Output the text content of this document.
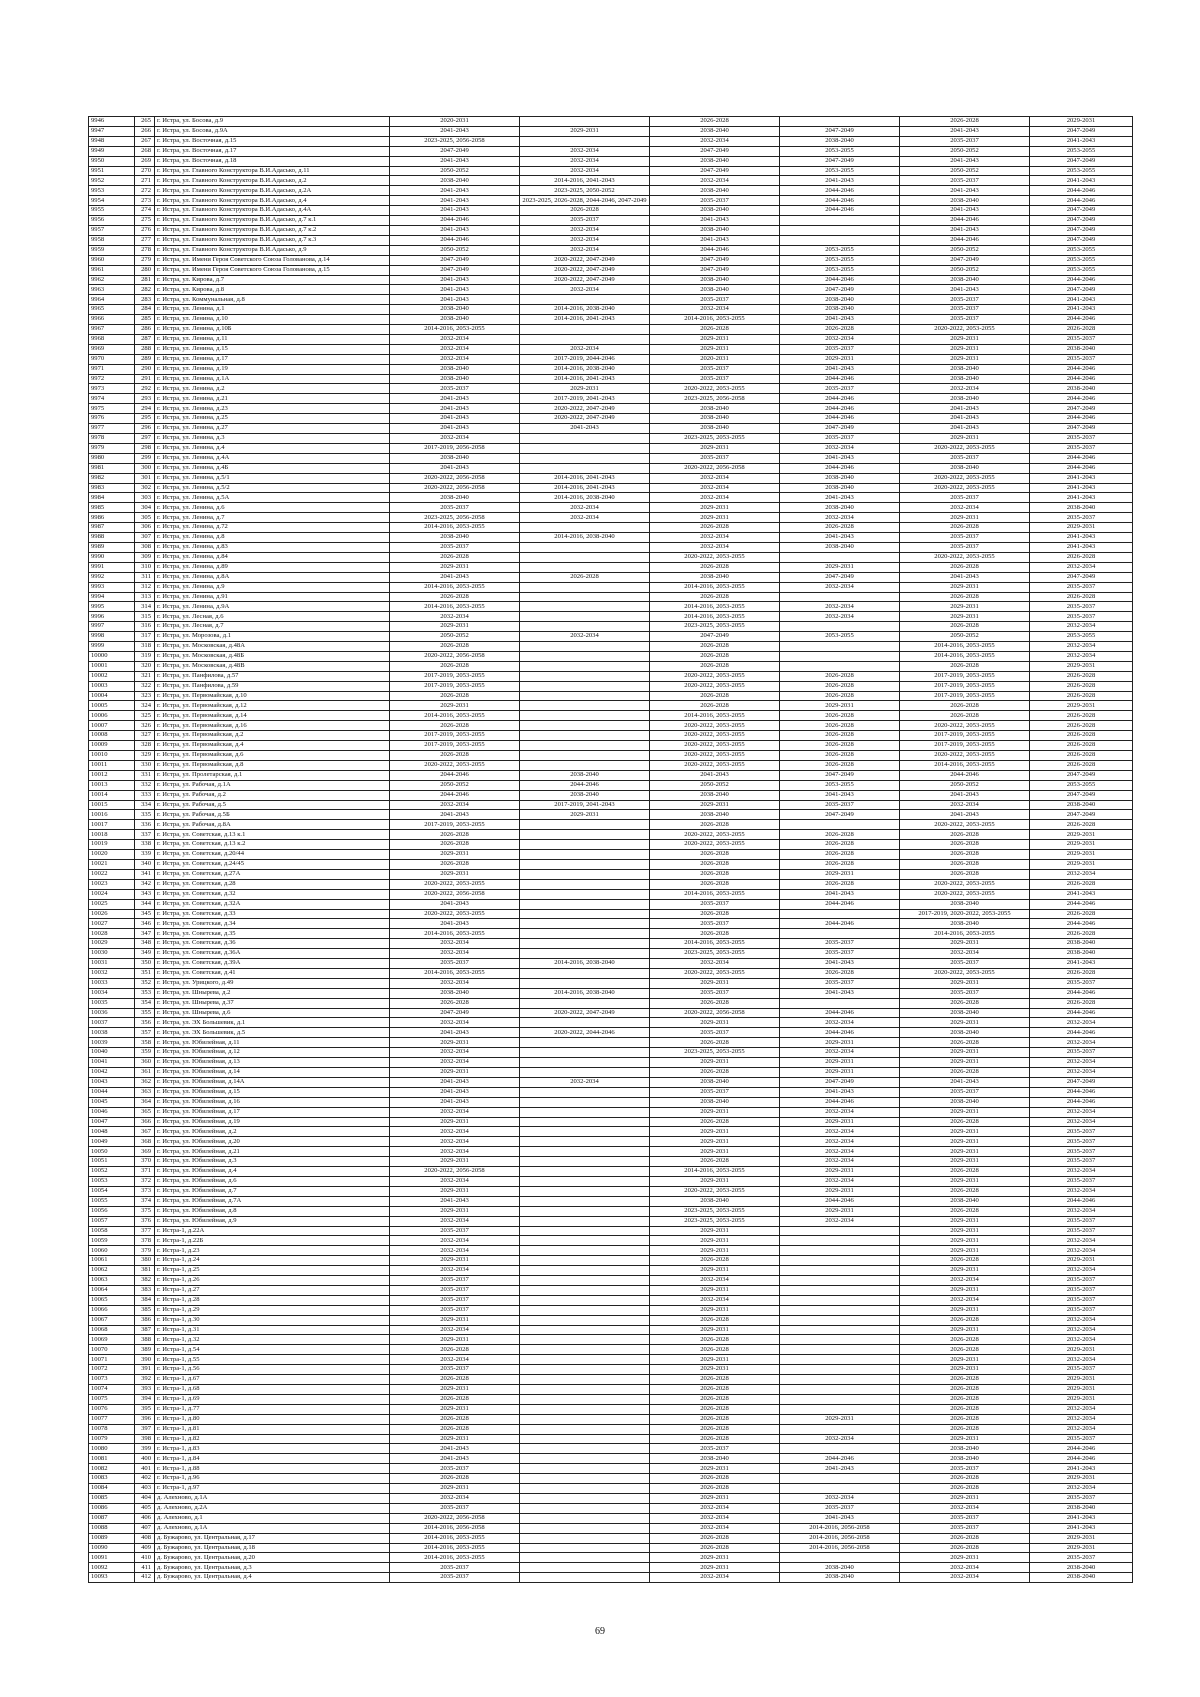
9946	265	г. Истра, ул. Босова, д.9	2020-2031		2026-2028		2026-2028	2029-2031
9947	266	г. Истра, ул. Босова, д.9А	2041-2043	2029-2031	2038-2040	2047-2049	2041-2043	2047-2049
9948	267	г. Истра, ул. Восточная, д.15	2023-2025, 2056-2058		2032-2034	2038-2040	2035-2037	2041-2043
9949	268	г. Истра, ул. Восточная, д.17	2047-2049	2032-2034	2047-2049	2053-2055	2050-2052	2053-2055
9950	269	г. Истра, ул. Восточная, д.18	2041-2043	2032-2034	2038-2040	2047-2049	2041-2043	2047-2049
9951	270	г. Истра, ул. Главного Конструктора В.И.Адасько, д.11	2050-2052	2032-2034	2047-2049	2053-2055	2050-2052	2053-2055
9952	271	г. Истра, ул. Главного Конструктора В.И.Адасько, д.2	2038-2040	2014-2016, 2041-2043	2032-2034	2041-2043	2035-2037	2041-2043
9953	272	г. Истра, ул. Главного Конструктора В.И.Адасько, д.2А	2041-2043	2023-2025, 2050-2052	2038-2040	2044-2046	2041-2043	2044-2046
9954	273	г. Истра, ул. Главного Конструктора В.И.Адасько, д.4	2041-2043	2023-2025, 2026-2028, 2044-2046, 2047-2049	2035-2037	2044-2046	2038-2040	2044-2046
9955	274	г. Истра, ул. Главного Конструктора В.И.Адасько, д.4А	2041-2043	2026-2028	2038-2040	2044-2046	2041-2043	2047-2049
9956	275	г. Истра, ул. Главного Конструктора В.И.Адасько, д.7 к.1	2044-2046	2035-2037	2041-2043		2044-2046	2047-2049
9957	276	г. Истра, ул. Главного Конструктора В.И.Адасько, д.7 к.2	2041-2043	2032-2034	2038-2040		2041-2043	2047-2049
9958	277	г. Истра, ул. Главного Конструктора В.И.Адасько, д.7 к.3	2044-2046	2032-2034	2041-2043		2044-2046	2047-2049
9959	278	г. Истра, ул. Главного Конструктора В.И.Адасько, д.9	2050-2052	2032-2034	2044-2046	2053-2055	2050-2052	2053-2055
9960	279	г. Истра, ул. Имени Героя Советского Союза Голованова, д.14	2047-2049	2020-2022, 2047-2049	2047-2049	2053-2055	2047-2049	2053-2055
9961	280	г. Истра, ул. Имени Героя Советского Союза Голованова, д.15	2047-2049	2020-2022, 2047-2049	2047-2049	2053-2055	2050-2052	2053-2055
9962	281	г. Истра, ул. Кирова, д.7	2041-2043	2020-2022, 2047-2049	2038-2040	2044-2046	2038-2040	2044-2046
9963	282	г. Истра, ул. Кирова, д.8	2041-2043	2032-2034	2038-2040	2047-2049	2041-2043	2047-2049
9964	283	г. Истра, ул. Коммунальная, д.8	2041-2043		2035-2037	2038-2040	2035-2037	2041-2043
9965	284	г. Истра, ул. Ленина, д.1	2038-2040	2014-2016, 2038-2040	2032-2034	2038-2040	2035-2037	2041-2043
9966	285	г. Истра, ул. Ленина, д.10	2038-2040	2014-2016, 2041-2043	2014-2016, 2053-2055	2041-2043	2035-2037	2044-2046
9967	286	г. Истра, ул. Ленина, д.10Б	2014-2016, 2053-2055		2026-2028	2026-2028	2020-2022, 2053-2055	2026-2028
9968	287	г. Истра, ул. Ленина, д.11	2032-2034		2029-2031	2032-2034	2029-2031	2035-2037
9969	288	г. Истра, ул. Ленина, д.15	2032-2034	2032-2034	2029-2031	2035-2037	2029-2031	2038-2040
9970	289	г. Истра, ул. Ленина, д.17	2032-2034	2017-2019, 2044-2046	2020-2031	2029-2031	2029-2031	2035-2037
9971	290	г. Истра, ул. Ленина, д.19	2038-2040	2014-2016, 2038-2040	2035-2037	2041-2043	2038-2040	2044-2046
9972	291	г. Истра, ул. Ленина, д.1А	2038-2040	2014-2016, 2041-2043	2035-2037	2044-2046	2038-2040	2044-2046
9973	292	г. Истра, ул. Ленина, д.2	2035-2037	2029-2031	2020-2022, 2053-2055	2035-2037	2032-2034	2038-2040
9974	293	г. Истра, ул. Ленина, д.21	2041-2043	2017-2019, 2041-2043	2023-2025, 2056-2058	2044-2046	2038-2040	2044-2046
9975	294	г. Истра, ул. Ленина, д.23	2041-2043	2020-2022, 2047-2049	2038-2040	2044-2046	2041-2043	2047-2049
9976	295	г. Истра, ул. Ленина, д.25	2041-2043	2020-2022, 2047-2049	2038-2040	2044-2046	2041-2043	2044-2046
9977	296	г. Истра, ул. Ленина, д.27	2041-2043	2041-2043	2038-2040	2047-2049	2041-2043	2047-2049
9978	297	г. Истра, ул. Ленина, д.3	2032-2034		2023-2025, 2053-2055	2035-2037	2029-2031	2035-2037
9979	298	г. Истра, ул. Ленина, д.4	2017-2019, 2056-2058		2029-2031	2032-2034	2020-2022, 2053-2055	2035-2037
9980	299	г. Истра, ул. Ленина, д.4А	2038-2040		2035-2037	2041-2043	2035-2037	2044-2046
9981	300	г. Истра, ул. Ленина, д.4Б	2041-2043		2020-2022, 2056-2058	2044-2046	2038-2040	2044-2046
9982	301	г. Истра, ул. Ленина, д.5/1	2020-2022, 2056-2058	2014-2016, 2041-2043	2032-2034	2038-2040	2020-2022, 2053-2055	2041-2043
9983	302	г. Истра, ул. Ленина, д.5/2	2020-2022, 2056-2058	2014-2016, 2041-2043	2032-2034	2038-2040	2020-2022, 2053-2055	2041-2043
9984	303	г. Истра, ул. Ленина, д.5А	2038-2040	2014-2016, 2038-2040	2032-2034	2041-2043	2035-2037	2041-2043
9985	304	г. Истра, ул. Ленина, д.6	2035-2037	2032-2034	2029-2031	2038-2040	2032-2034	2038-2040
9986	305	г. Истра, ул. Ленина, д.7	2023-2025, 2056-2058	2032-2034	2029-2031	2032-2034	2029-2031	2035-2037
9987	306	г. Истра, ул. Ленина, д.72	2014-2016, 2053-2055		2026-2028	2026-2028	2026-2028	2029-2031
9988	307	г. Истра, ул. Ленина, д.8	2038-2040	2014-2016, 2038-2040	2032-2034	2041-2043	2035-2037	2041-2043
9989	308	г. Истра, ул. Ленина, д.83	2035-2037		2032-2034	2038-2040	2035-2037	2041-2043
9990	309	г. Истра, ул. Ленина, д.84	2026-2028		2020-2022, 2053-2055		2020-2022, 2053-2055	2026-2028
9991	310	г. Истра, ул. Ленина, д.89	2029-2031		2026-2028	2029-2031	2026-2028	2032-2034
9992	311	г. Истра, ул. Ленина, д.8А	2041-2043	2026-2028	2038-2040	2047-2049	2041-2043	2047-2049
9993	312	г. Истра, ул. Ленина, д.9	2014-2016, 2053-2055		2014-2016, 2053-2055	2032-2034	2029-2031	2035-2037
9994	313	г. Истра, ул. Ленина, д.91	2026-2028		2026-2028		2026-2028	2026-2028
9995	314	г. Истра, ул. Ленина, д.9А	2014-2016, 2053-2055		2014-2016, 2053-2055	2032-2034	2029-2031	2035-2037
9996	315	г. Истра, ул. Лесная, д.6	2032-2034		2014-2016, 2053-2055	2032-2034	2029-2031	2035-2037
9997	316	г. Истра, ул. Лесная, д.7	2029-2031		2023-2025, 2053-2055		2026-2028	2032-2034
9998	317	г. Истра, ул. Морозова, д.1	2050-2052	2032-2034	2047-2049	2053-2055	2050-2052	2053-2055
9999	318	г. Истра, ул. Московская, д.48А	2026-2028		2026-2028		2014-2016, 2053-2055	2032-2034
10000	319	г. Истра, ул. Московская, д.48Б	2020-2022, 2056-2058		2026-2028		2014-2016, 2053-2055	2032-2034
10001	320	г. Истра, ул. Московская, д.48В	2026-2028		2026-2028		2026-2028	2029-2031
10002	321	г. Истра, ул. Панфилова, д.57	2017-2019, 2053-2055		2020-2022, 2053-2055	2026-2028	2017-2019, 2053-2055	2026-2028
10003	322	г. Истра, ул. Панфилова, д.59	2017-2019, 2053-2055		2020-2022, 2053-2055	2026-2028	2017-2019, 2053-2055	2026-2028
10004	323	г. Истра, ул. Первомайская, д.10	2026-2028		2026-2028	2026-2028	2017-2019, 2053-2055	2026-2028
10005	324	г. Истра, ул. Первомайская, д.12	2029-2031		2026-2028	2029-2031	2026-2028	2029-2031
10006	325	г. Истра, ул. Первомайская, д.14	2014-2016, 2053-2055		2014-2016, 2053-2055	2026-2028	2026-2028	2026-2028
10007	326	г. Истра, ул. Первомайская, д.16	2026-2028		2020-2022, 2053-2055	2026-2028	2020-2022, 2053-2055	2026-2028
10008	327	г. Истра, ул. Первомайская, д.2	2017-2019, 2053-2055		2020-2022, 2053-2055	2026-2028	2017-2019, 2053-2055	2026-2028
10009	328	г. Истра, ул. Первомайская, д.4	2017-2019, 2053-2055		2020-2022, 2053-2055	2026-2028	2017-2019, 2053-2055	2026-2028
10010	329	г. Истра, ул. Первомайская, д.6	2026-2028		2020-2022, 2053-2055	2026-2028	2020-2022, 2053-2055	2026-2028
10011	330	г. Истра, ул. Первомайская, д.8	2020-2022, 2053-2055		2020-2022, 2053-2055	2026-2028	2014-2016, 2053-2055	2026-2028
10012	331	г. Истра, ул. Пролетарская, д.1	2044-2046	2038-2040	2041-2043	2047-2049	2044-2046	2047-2049
10013	332	г. Истра, ул. Рабочая, д.1А	2050-2052	2044-2046	2050-2052	2053-2055	2050-2052	2053-2055
10014	333	г. Истра, ул. Рабочая, д.2	2044-2046	2038-2040	2038-2040	2041-2043	2041-2043	2047-2049
10015	334	г. Истра, ул. Рабочая, д.5	2032-2034	2017-2019, 2041-2043	2029-2031	2035-2037	2032-2034	2038-2040
10016	335	г. Истра, ул. Рабочая, д.5Б	2041-2043	2029-2031	2038-2040	2047-2049	2041-2043	2047-2049
10017	336	г. Истра, ул. Рабочая, д.8А	2017-2019, 2053-2055		2026-2028		2020-2022, 2053-2055	2026-2028
10018	337	г. Истра, ул. Советская, д.13 к.1	2026-2028		2020-2022, 2053-2055	2026-2028	2026-2028	2029-2031
10019	338	г. Истра, ул. Советская, д.13 к.2	2026-2028		2020-2022, 2053-2055	2026-2028	2026-2028	2029-2031
10020	339	г. Истра, ул. Советская, д.20/44	2029-2031		2026-2028	2026-2028	2026-2028	2029-2031
10021	340	г. Истра, ул. Советская, д.24/45	2026-2028		2026-2028	2026-2028	2026-2028	2029-2031
10022	341	г. Истра, ул. Советская, д.27А	2029-2031		2026-2028	2029-2031	2026-2028	2032-2034
10023	342	г. Истра, ул. Советская, д.28	2020-2022, 2053-2055		2026-2028	2026-2028	2020-2022, 2053-2055	2026-2028
10024	343	г. Истра, ул. Советская, д.32	2020-2022, 2056-2058		2014-2016, 2053-2055	2041-2043	2020-2022, 2053-2055	2041-2043
10025	344	г. Истра, ул. Советская, д.32А	2041-2043		2035-2037	2044-2046	2038-2040	2044-2046
10026	345	г. Истра, ул. Советская, д.33	2020-2022, 2053-2055		2026-2028		2017-2019, 2020-2022, 2053-2055	2026-2028
10027	346	г. Истра, ул. Советская, д.34	2041-2043		2035-2037	2044-2046	2038-2040	2044-2046
10028	347	г. Истра, ул. Советская, д.35	2014-2016, 2053-2055		2026-2028		2014-2016, 2053-2055	2026-2028
10029	348	г. Истра, ул. Советская, д.36	2032-2034		2014-2016, 2053-2055	2035-2037	2029-2031	2038-2040
10030	349	г. Истра, ул. Советская, д.36А	2032-2034		2023-2025, 2053-2055	2035-2037	2032-2034	2038-2040
10031	350	г. Истра, ул. Советская, д.39А	2035-2037	2014-2016, 2038-2040	2032-2034	2041-2043	2035-2037	2041-2043
10032	351	г. Истра, ул. Советская, д.41	2014-2016, 2053-2055		2020-2022, 2053-2055	2026-2028	2020-2022, 2053-2055	2026-2028
10033	352	г. Истра, ул. Урицкого, д.49	2032-2034		2029-2031	2035-2037	2029-2031	2035-2037
10034	353	г. Истра, ул. Шнырева, д.2	2038-2040	2014-2016, 2038-2040	2035-2037	2041-2043	2035-2037	2044-2046
10035	354	г. Истра, ул. Шнырева, д.37	2026-2028		2026-2028		2026-2028	2026-2028
10036	355	г. Истра, ул. Шнырева, д.6	2047-2049	2020-2022, 2047-2049	2020-2022, 2056-2058	2044-2046	2038-2040	2044-2046
10037	356	г. Истра, ул. ЭХ Большевик, д.1	2032-2034		2029-2031	2032-2034	2029-2031	2032-2034
10038	357	г. Истра, ул. ЭХ Большевик, д.5	2041-2043	2020-2022, 2044-2046	2035-2037	2044-2046	2038-2040	2044-2046
10039	358	г. Истра, ул. Юбилейная, д.11	2029-2031		2026-2028	2029-2031	2026-2028	2032-2034
10040	359	г. Истра, ул. Юбилейная, д.12	2032-2034		2023-2025, 2053-2055	2032-2034	2029-2031	2035-2037
10041	360	г. Истра, ул. Юбилейная, д.13	2032-2034		2029-2031	2029-2031	2029-2031	2032-2034
10042	361	г. Истра, ул. Юбилейная, д.14	2029-2031		2026-2028	2029-2031	2026-2028	2032-2034
10043	362	г. Истра, ул. Юбилейная, д.14А	2041-2043	2032-2034	2038-2040	2047-2049	2041-2043	2047-2049
10044	363	г. Истра, ул. Юбилейная, д.15	2041-2043		2035-2037	2041-2043	2035-2037	2044-2046
10045	364	г. Истра, ул. Юбилейная, д.16	2041-2043		2038-2040	2044-2046	2038-2040	2044-2046
10046	365	г. Истра, ул. Юбилейная, д.17	2032-2034		2029-2031	2032-2034	2029-2031	2032-2034
10047	366	г. Истра, ул. Юбилейная, д.19	2029-2031		2026-2028	2029-2031	2026-2028	2032-2034
10048	367	г. Истра, ул. Юбилейная, д.2	2032-2034		2029-2031	2032-2034	2029-2031	2035-2037
10049	368	г. Истра, ул. Юбилейная, д.20	2032-2034		2029-2031	2032-2034	2029-2031	2035-2037
10050	369	г. Истра, ул. Юбилейная, д.21	2032-2034		2029-2031	2032-2034	2029-2031	2035-2037
10051	370	г. Истра, ул. Юбилейная, д.3	2029-2031		2026-2028	2032-2034	2029-2031	2035-2037
10052	371	г. Истра, ул. Юбилейная, д.4	2020-2022, 2056-2058		2014-2016, 2053-2055	2029-2031	2026-2028	2032-2034
10053	372	г. Истра, ул. Юбилейная, д.6	2032-2034		2029-2031	2032-2034	2029-2031	2035-2037
10054	373	г. Истра, ул. Юбилейная, д.7	2029-2031		2020-2022, 2053-2055	2029-2031	2026-2028	2032-2034
10055	374	г. Истра, ул. Юбилейная, д.7А	2041-2043		2038-2040	2044-2046	2038-2040	2044-2046
10056	375	г. Истра, ул. Юбилейная, д.8	2029-2031		2023-2025, 2053-2055	2029-2031	2026-2028	2032-2034
10057	376	г. Истра, ул. Юбилейная, д.9	2032-2034		2023-2025, 2053-2055	2032-2034	2029-2031	2035-2037
10058	377	г. Истра-1, д.22А	2035-2037		2029-2031		2029-2031	2035-2037
10059	378	г. Истра-1, д.22Б	2032-2034		2029-2031		2029-2031	2032-2034
10060	379	г. Истра-1, д.23	2032-2034		2029-2031		2029-2031	2032-2034
10061	380	г. Истра-1, д.24	2029-2031		2026-2028		2026-2028	2029-2031
10062	381	г. Истра-1, д.25	2032-2034		2029-2031		2029-2031	2032-2034
10063	382	г. Истра-1, д.26	2035-2037		2032-2034		2032-2034	2035-2037
10064	383	г. Истра-1, д.27	2035-2037		2029-2031		2029-2031	2035-2037
10065	384	г. Истра-1, д.28	2035-2037		2032-2034		2032-2034	2035-2037
10066	385	г. Истра-1, д.29	2035-2037		2029-2031		2029-2031	2035-2037
10067	386	г. Истра-1, д.30	2029-2031		2026-2028		2026-2028	2032-2034
10068	387	г. Истра-1, д.31	2032-2034		2029-2031		2029-2031	2032-2034
10069	388	г. Истра-1, д.32	2029-2031		2026-2028		2026-2028	2032-2034
10070	389	г. Истра-1, д.54	2026-2028		2026-2028		2026-2028	2029-2031
10071	390	г. Истра-1, д.55	2032-2034		2029-2031		2029-2031	2032-2034
10072	391	г. Истра-1, д.56	2035-2037		2029-2031		2029-2031	2035-2037
10073	392	г. Истра-1, д.67	2026-2028		2026-2028		2026-2028	2029-2031
10074	393	г. Истра-1, д.68	2029-2031		2026-2028		2026-2028	2029-2031
10075	394	г. Истра-1, д.69	2026-2028		2026-2028		2026-2028	2029-2031
10076	395	г. Истра-1, д.77	2029-2031		2026-2028		2026-2028	2032-2034
10077	396	г. Истра-1, д.80	2026-2028		2026-2028	2029-2031	2026-2028	2032-2034
10078	397	г. Истра-1, д.81	2026-2028		2026-2028		2026-2028	2032-2034
10079	398	г. Истра-1, д.82	2029-2031		2026-2028	2032-2034	2029-2031	2035-2037
10080	399	г. Истра-1, д.83	2041-2043		2035-2037		2038-2040	2044-2046
10081	400	г. Истра-1, д.84	2041-2043		2038-2040	2044-2046	2038-2040	2044-2046
10082	401	г. Истра-1, д.88	2035-2037		2029-2031	2041-2043	2035-2037	2041-2043
10083	402	г. Истра-1, д.96	2026-2028		2026-2028		2026-2028	2029-2031
10084	403	г. Истра-1, д.97	2029-2031		2026-2028		2026-2028	2032-2034
10085	404	д. Алехново, д.1А	2032-2034		2029-2031	2032-2034	2029-2031	2035-2037
10086	405	д. Алехново, д.2А	2035-2037		2032-2034	2035-2037	2032-2034	2038-2040
10087	406	д. Алехново, д.1	2020-2022, 2056-2058		2032-2034	2041-2043	2035-2037	2041-2043
10088	407	д. Алехново, д.1А	2014-2016, 2056-2058		2032-2034	2014-2016, 2056-2058	2035-2037	2041-2043
10089	408	д. Бужарово, ул. Центральная, д.17	2014-2016, 2053-2055		2026-2028	2014-2016, 2056-2058	2026-2028	2029-2031
10090	409	д. Бужарово, ул. Центральная, д.18	2014-2016, 2053-2055		2026-2028	2014-2016, 2056-2058	2026-2028	2029-2031
10091	410	д. Бужарово, ул. Центральная, д.20	2014-2016, 2053-2055		2029-2031		2029-2031	2035-2037
10092	411	д. Бужарово, ул. Центральная, д.3	2035-2037		2029-2031	2038-2040	2032-2034	2038-2040
10093	412	д. Бужарово, ул. Центральная, д.4	2035-2037		2032-2034	2038-2040	2032-2034	2038-2040
69
